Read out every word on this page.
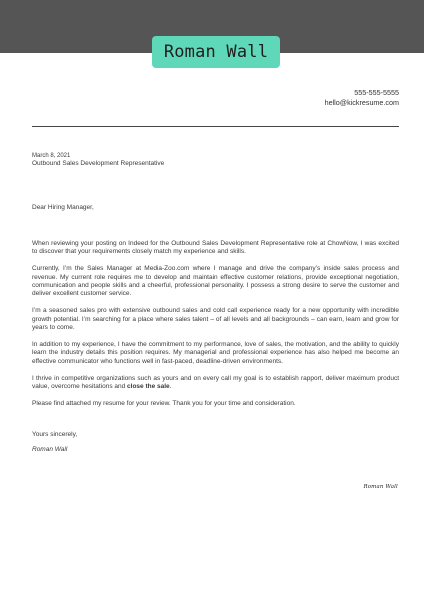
Roman Wall
555-555-5555
hello@kickresume.com

March 8, 2021

Outbound Sales Development Representative

Dear Hiring Manager,

When reviewing your posting on Indeed for the Outbound Sales Development Representative role at ChowNow, I was excited to discover that your requirements closely match my experience and skills.

Currently, I’m the Sales Manager at Media-Zoo.com where I manage and drive the company’s inside sales process and revenue. My current role requires me to develop and maintain effective customer relations, provide exceptional negotiation, communication and people skills and a cheerful, professional personality. I possess a strong desire to serve the customer and deliver excellent customer service.

I’m a seasoned sales pro with extensive outbound sales and cold call experience ready for a new opportunity with incredible growth potential. I’m searching for a place where sales talent – of all levels and all backgrounds – can earn, learn and grow for years to come.

In addition to my experience, I have the commitment to my performance, love of sales, the motivation, and the ability to quickly learn the industry details this position requires. My managerial and professional experience has also helped me become an effective communicator who functions well in fast-paced, deadline-driven environments.

I thrive in competitive organizations such as yours and on every call my goal is to establish rapport, deliver maximum product value, overcome hesitations and close the sale.

Please find attached my resume for your review. Thank you for your time and consideration.

Yours sincerely,

Roman Wall

Roman Wall
